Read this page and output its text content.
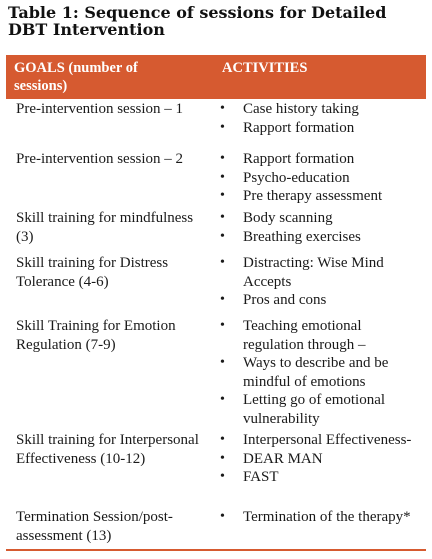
Table 1: Sequence of sessions for Detailed DBT Intervention
GOALS (number of sessions)
ACTIVITIES
Pre-intervention session – 1	• Case history taking
• Rapport formation
Pre-intervention session – 2	• Rapport formation
• Psycho-education
• Pre therapy assessment
Skill training for mindfulness (3)
• Body scanning
• Breathing exercises
Skill training for Distress Tolerance (4-6)
• Distracting: Wise Mind Accepts
• Pros and cons
Skill Training for Emotion Regulation (7-9)
• Teaching emotional regulation through –
• Ways to describe and be mindful of emotions
• Letting go of emotional vulnerability
Skill training for Interpersonal Effectiveness (10-12)
• Interpersonal Effectiveness-
• DEAR MAN
• FAST
Termination Session/post-assessment (13)
• Termination of the therapy*
